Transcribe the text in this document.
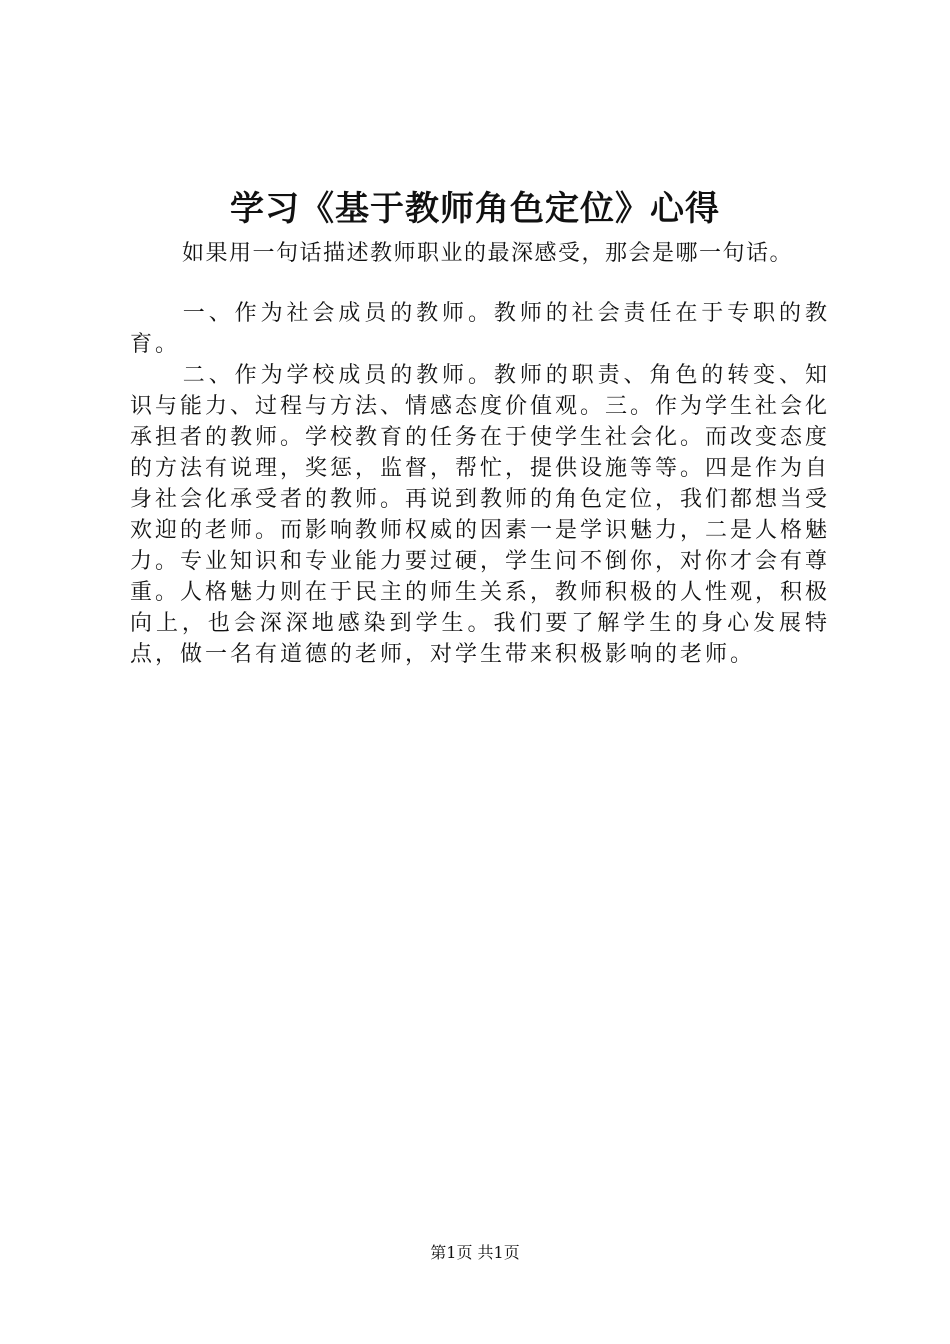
学习《基于教师角色定位》心得

如果用一句话描述教师职业的最深感受，那会是哪一句话。

一、作为社会成员的教师。教师的社会责任在于专职的教育。

二、作为学校成员的教师。教师的职责、角色的转变、知识与能力、过程与方法、情感态度价值观。三。作为学生社会化承担者的教师。学校教育的任务在于使学生社会化。而改变态度的方法有说理，奖惩，监督，帮忙，提供设施等等。四是作为自身社会化承受者的教师。再说到教师的角色定位，我们都想当受欢迎的老师。而影响教师权威的因素一是学识魅力，二是人格魅力。专业知识和专业能力要过硬，学生问不倒你，对你才会有尊重。人格魅力则在于民主的师生关系，教师积极的人性观，积极向上，也会深深地感染到学生。我们要了解学生的身心发展特点，做一名有道德的老师，对学生带来积极影响的老师。

第1页 共1页
